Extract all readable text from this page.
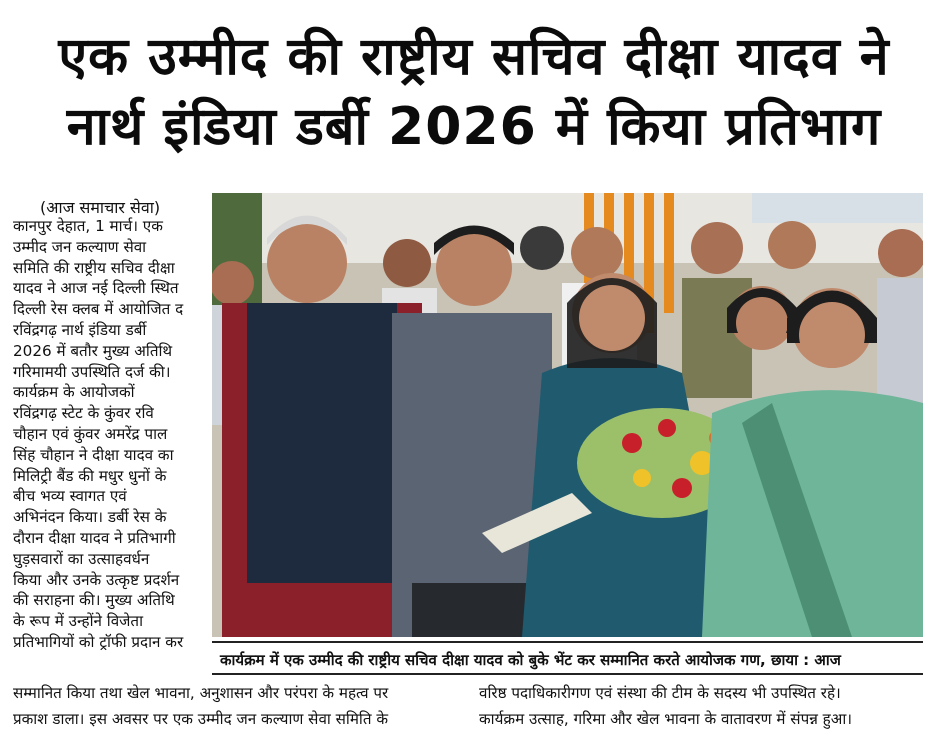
एक उम्मीद की राष्ट्रीय सचिव दीक्षा यादव ने
नार्थ इंडिया डर्बी 2026 में किया प्रतिभाग
(आज समाचार सेवा)
कानपुर देहात, 1 मार्च। एक
उम्मीद जन कल्याण सेवा
समिति की राष्ट्रीय सचिव दीक्षा
यादव ने आज नई दिल्ली स्थित
दिल्ली रेस क्लब में आयोजित द
रविंद्रगढ़ नार्थ इंडिया डर्बी
2026 में बतौर मुख्य अतिथि
गरिमामयी उपस्थिति दर्ज की।
कार्यक्रम के आयोजकों
रविंद्रगढ़ स्टेट के कुंवर रवि
चौहान एवं कुंवर अमरेंद्र पाल
सिंह चौहान ने दीक्षा यादव का
मिलिट्री बैंड की मधुर धुनों के
बीच भव्य स्वागत एवं
अभिनंदन किया। डर्बी रेस के
दौरान दीक्षा यादव ने प्रतिभागी
घुड़सवारों का उत्साहवर्धन
किया और उनके उत्कृष्ट प्रदर्शन
की सराहना की। मुख्य अतिथि
के रूप में उन्होंने विजेता
प्रतिभागियों को ट्रॉफी प्रदान कर
कार्यक्रम में एक उम्मीद की राष्ट्रीय सचिव दीक्षा यादव को बुके भेंट कर सम्मानित करते आयोजक गण, छाया : आज
सम्मानित किया तथा खेल भावना, अनुशासन और परंपरा के महत्व पर
प्रकाश डाला। इस अवसर पर एक उम्मीद जन कल्याण सेवा समिति के
वरिष्ठ पदाधिकारीगण एवं संस्था की टीम के सदस्य भी उपस्थित रहे।
कार्यक्रम उत्साह, गरिमा और खेल भावना के वातावरण में संपन्न हुआ।
